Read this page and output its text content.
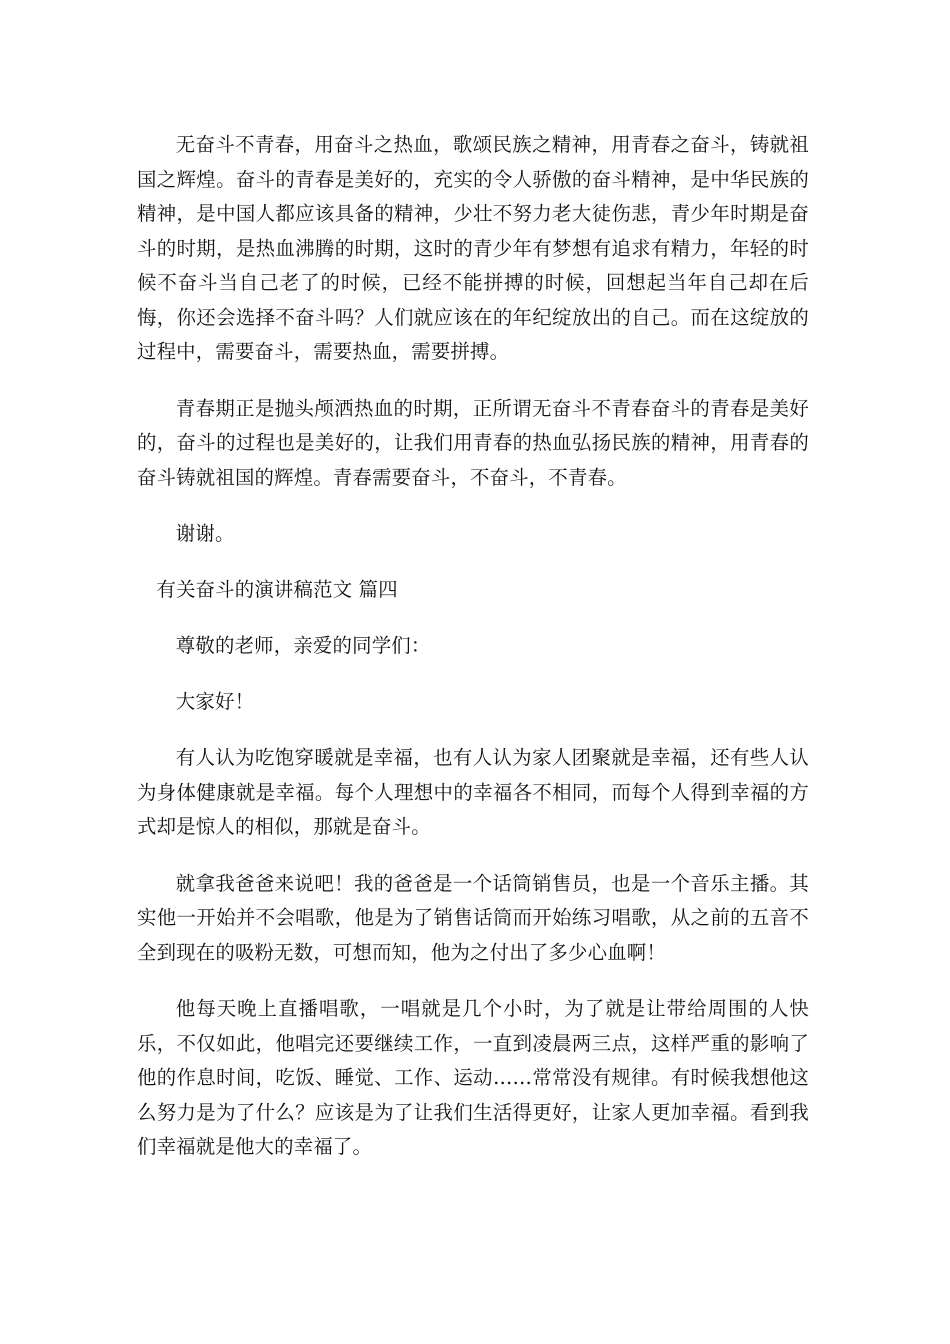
无奋斗不青春，用奋斗之热血，歌颂民族之精神，用青春之奋斗，铸就祖国之辉煌。奋斗的青春是美好的，充实的令人骄傲的奋斗精神，是中华民族的精神，是中国人都应该具备的精神，少壮不努力老大徒伤悲，青少年时期是奋斗的时期，是热血沸腾的时期，这时的青少年有梦想有追求有精力，年轻的时候不奋斗当自己老了的时候，已经不能拼搏的时候，回想起当年自己却在后悔，你还会选择不奋斗吗？人们就应该在的年纪绽放出的自己。而在这绽放的过程中，需要奋斗，需要热血，需要拼搏。

青春期正是抛头颅洒热血的时期，正所谓无奋斗不青春奋斗的青春是美好的，奋斗的过程也是美好的，让我们用青春的热血弘扬民族的精神，用青春的奋斗铸就祖国的辉煌。青春需要奋斗，不奋斗，不青春。

谢谢。

有关奋斗的演讲稿范文 篇四

尊敬的老师，亲爱的同学们：

大家好！

有人认为吃饱穿暖就是幸福，也有人认为家人团聚就是幸福，还有些人认为身体健康就是幸福。每个人理想中的幸福各不相同，而每个人得到幸福的方式却是惊人的相似，那就是奋斗。

就拿我爸爸来说吧！我的爸爸是一个话筒销售员，也是一个音乐主播。其实他一开始并不会唱歌，他是为了销售话筒而开始练习唱歌，从之前的五音不全到现在的吸粉无数，可想而知，他为之付出了多少心血啊！

他每天晚上直播唱歌，一唱就是几个小时，为了就是让带给周围的人快乐，不仅如此，他唱完还要继续工作，一直到凌晨两三点，这样严重的影响了他的作息时间，吃饭、睡觉、工作、运动……常常没有规律。有时候我想他这么努力是为了什么？应该是为了让我们生活得更好，让家人更加幸福。看到我们幸福就是他大的幸福了。
